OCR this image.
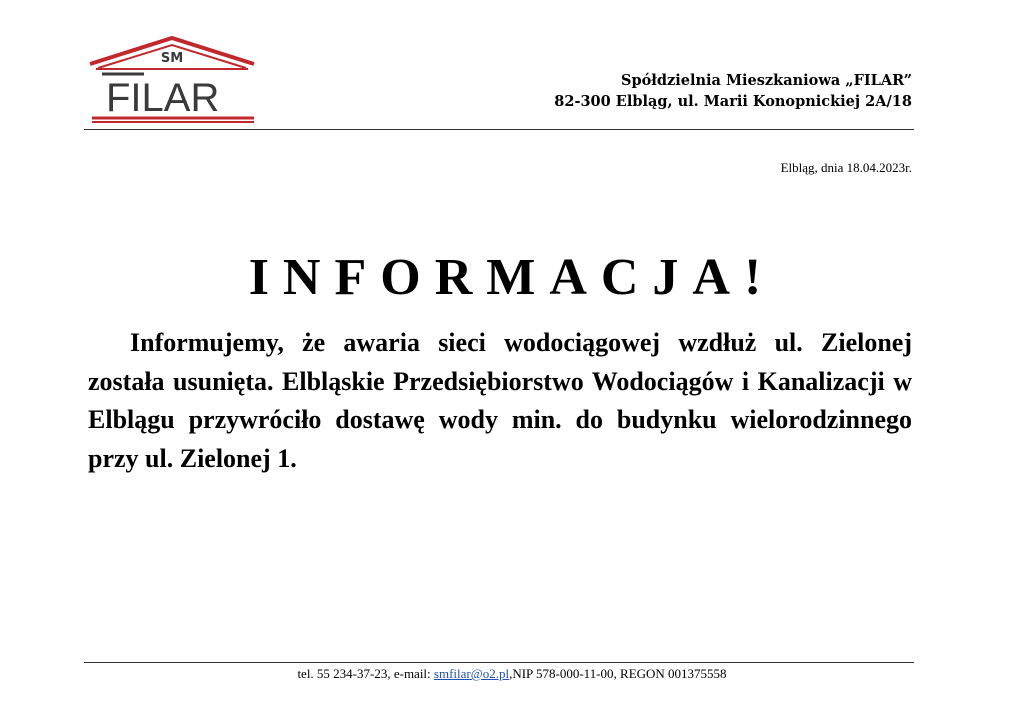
SM
FILAR	Spółdzielnia Mieszkaniowa „FILAR”
82-300 Elbląg, ul. Marii Konopnickiej 2A/18
Elbląg, dnia 18.04.2023r.
INFORMACJA!
Informujemy, że awaria sieci wodociągowej wzdłuż ul. Zielonej została usunięta. Elbląskie Przedsiębiorstwo Wodociągów i Kanalizacji w Elblągu przywróciło dostawę wody min. do budynku wielorodzinnego przy ul. Zielonej 1.
tel. 55 234-37-23, e-mail: smfilar@o2.pl,NIP 578-000-11-00, REGON 001375558
